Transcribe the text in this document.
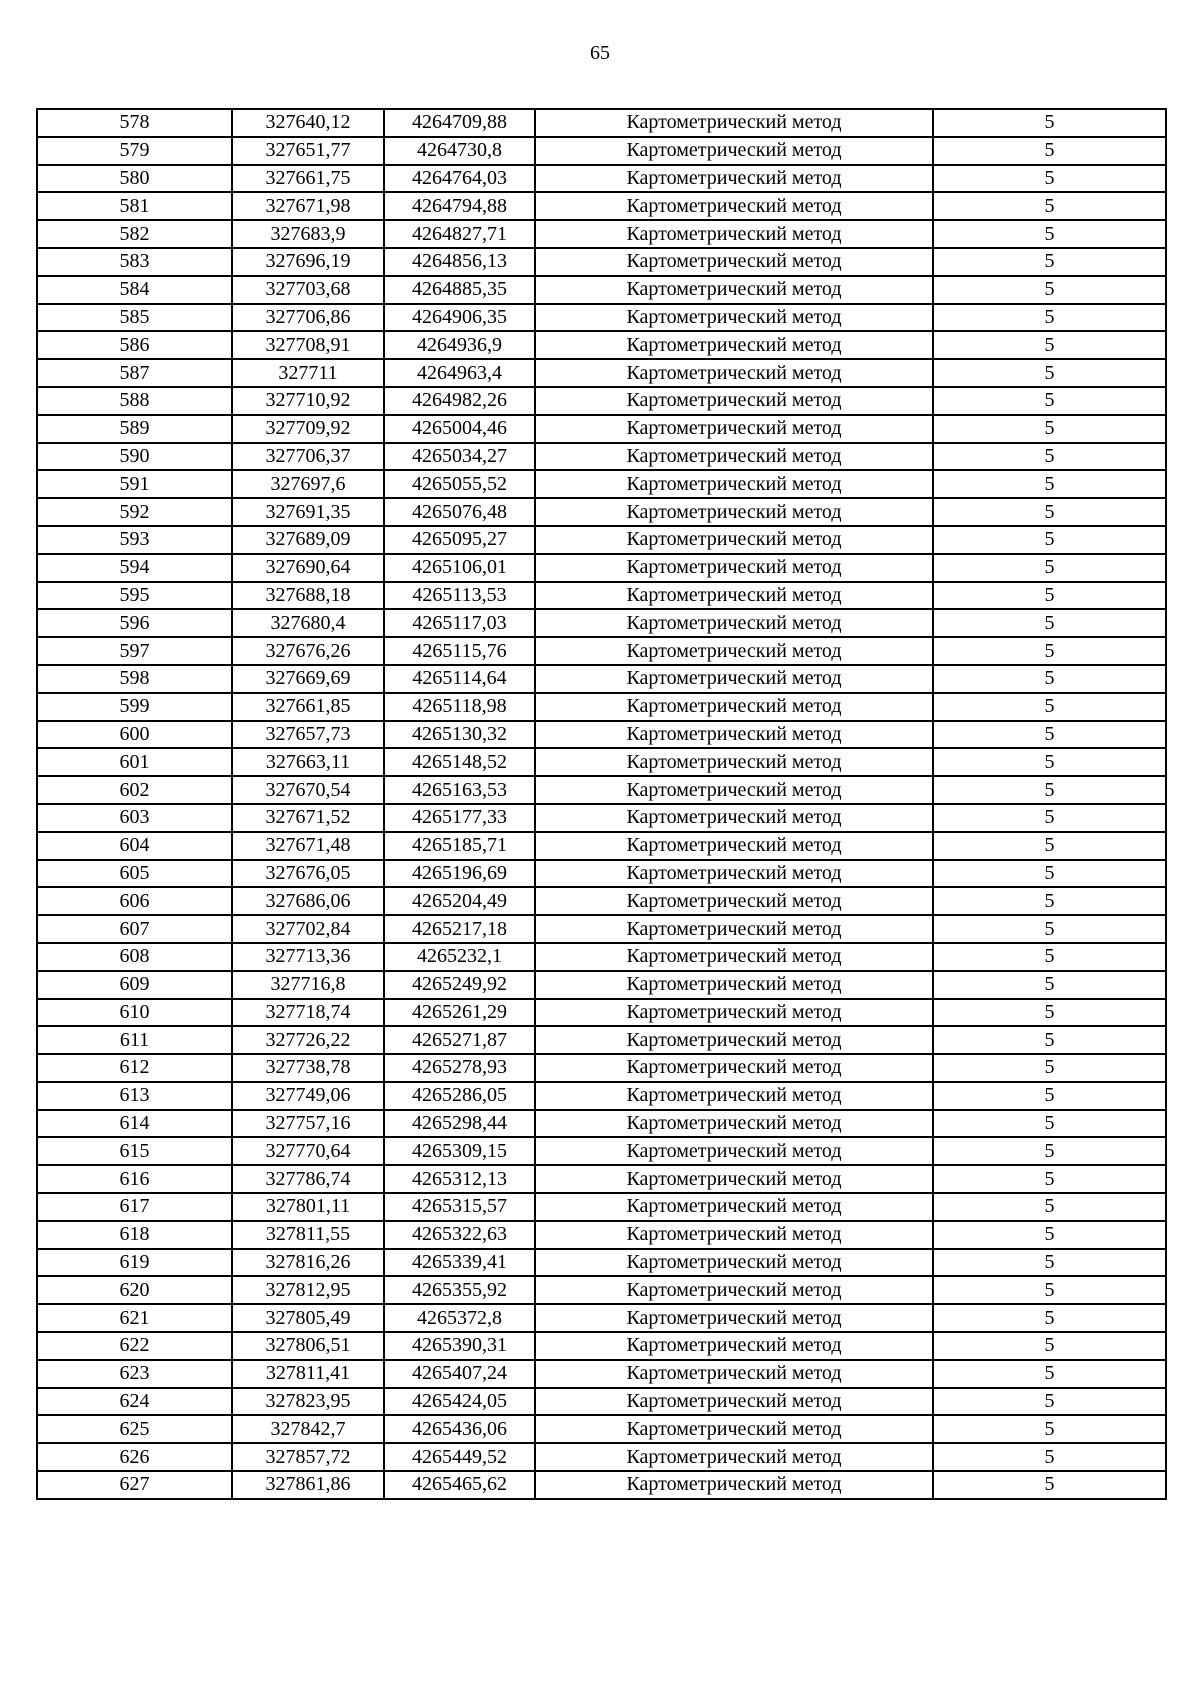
65
578	327640,12	4264709,88	Картометрический метод	5
579	327651,77	4264730,8	Картометрический метод	5
580	327661,75	4264764,03	Картометрический метод	5
581	327671,98	4264794,88	Картометрический метод	5
582	327683,9	4264827,71	Картометрический метод	5
583	327696,19	4264856,13	Картометрический метод	5
584	327703,68	4264885,35	Картометрический метод	5
585	327706,86	4264906,35	Картометрический метод	5
586	327708,91	4264936,9	Картометрический метод	5
587	327711	4264963,4	Картометрический метод	5
588	327710,92	4264982,26	Картометрический метод	5
589	327709,92	4265004,46	Картометрический метод	5
590	327706,37	4265034,27	Картометрический метод	5
591	327697,6	4265055,52	Картометрический метод	5
592	327691,35	4265076,48	Картометрический метод	5
593	327689,09	4265095,27	Картометрический метод	5
594	327690,64	4265106,01	Картометрический метод	5
595	327688,18	4265113,53	Картометрический метод	5
596	327680,4	4265117,03	Картометрический метод	5
597	327676,26	4265115,76	Картометрический метод	5
598	327669,69	4265114,64	Картометрический метод	5
599	327661,85	4265118,98	Картометрический метод	5
600	327657,73	4265130,32	Картометрический метод	5
601	327663,11	4265148,52	Картометрический метод	5
602	327670,54	4265163,53	Картометрический метод	5
603	327671,52	4265177,33	Картометрический метод	5
604	327671,48	4265185,71	Картометрический метод	5
605	327676,05	4265196,69	Картометрический метод	5
606	327686,06	4265204,49	Картометрический метод	5
607	327702,84	4265217,18	Картометрический метод	5
608	327713,36	4265232,1	Картометрический метод	5
609	327716,8	4265249,92	Картометрический метод	5
610	327718,74	4265261,29	Картометрический метод	5
611	327726,22	4265271,87	Картометрический метод	5
612	327738,78	4265278,93	Картометрический метод	5
613	327749,06	4265286,05	Картометрический метод	5
614	327757,16	4265298,44	Картометрический метод	5
615	327770,64	4265309,15	Картометрический метод	5
616	327786,74	4265312,13	Картометрический метод	5
617	327801,11	4265315,57	Картометрический метод	5
618	327811,55	4265322,63	Картометрический метод	5
619	327816,26	4265339,41	Картометрический метод	5
620	327812,95	4265355,92	Картометрический метод	5
621	327805,49	4265372,8	Картометрический метод	5
622	327806,51	4265390,31	Картометрический метод	5
623	327811,41	4265407,24	Картометрический метод	5
624	327823,95	4265424,05	Картометрический метод	5
625	327842,7	4265436,06	Картометрический метод	5
626	327857,72	4265449,52	Картометрический метод	5
627	327861,86	4265465,62	Картометрический метод	5
